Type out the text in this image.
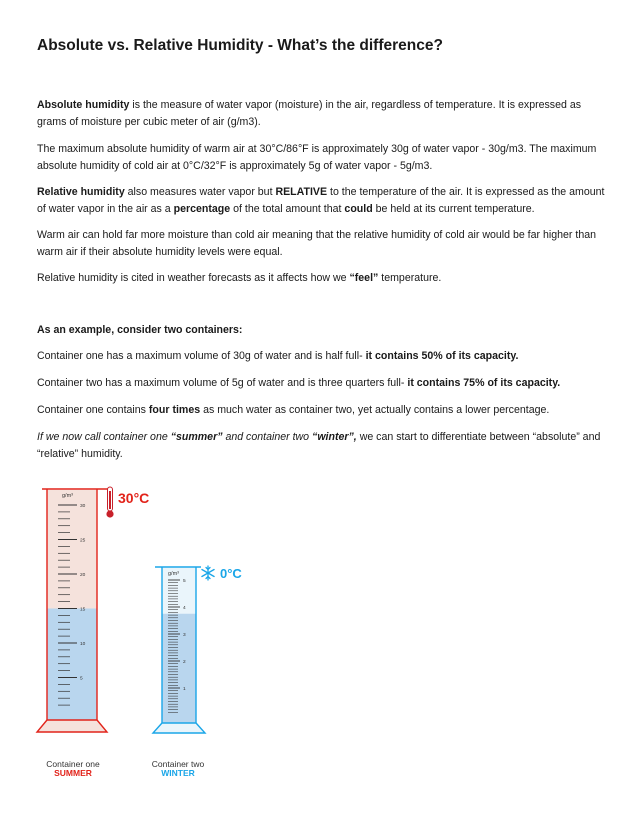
Absolute vs. Relative Humidity - What’s the difference?

Absolute humidity is the measure of water vapor (moisture) in the air, regardless of temperature. It is expressed as grams of moisture per cubic meter of air (g/m3).

The maximum absolute humidity of warm air at 30°C/86°F is approximately 30g of water vapor - 30g/m3. The maximum absolute humidity of cold air at 0°C/32°F is approximately 5g of water vapor - 5g/m3.

Relative humidity also measures water vapor but RELATIVE to the temperature of the air. It is expressed as the amount of water vapor in the air as a percentage of the total amount that could be held at its current temperature.

Warm air can hold far more moisture than cold air meaning that the relative humidity of cold air would be far higher than warm air if their absolute humidity levels were equal.

Relative humidity is cited in weather forecasts as it affects how we “feel” temperature.

As an example, consider two containers:

Container one has a maximum volume of 30g of water and is half full- it contains 50% of its capacity.

Container two has a maximum volume of 5g of water and is three quarters full- it contains 75% of its capacity.

Container one contains four times as much water as container two, yet actually contains a lower percentage.

If we now call container one “summer” and container two “winter”, we can start to differentiate between “absolute” and “relative” humidity.

30
25
20
15
10
5
g/m³	30°C
5
4
3
2
1
g/m³	0°C
Container one
SUMMER
Container two
WINTER
